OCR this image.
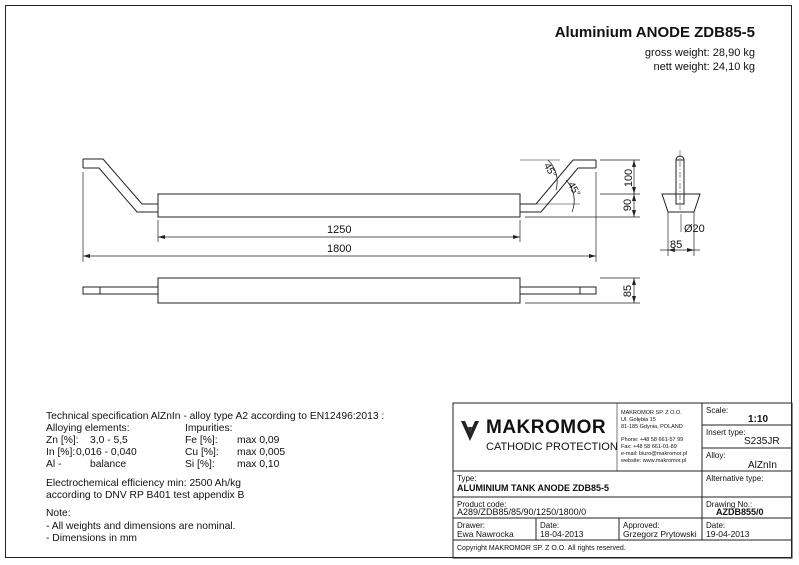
Aluminium ANODE ZDB85-5
gross weight: 28,90 kg
nett weight: 24,10 kg
1250
1800
100
90
85
85
Ø20
45°
45°
Technical specification AlZnIn - alloy type A2 according to EN12496:2013 :
Alloying elements:	Impurities:
Zn [%]: 3,0 - 5,5	Fe [%]: max 0,09
In [%]: 0,016 - 0,040	Cu [%]: max 0,005
Al -	balance	Si [%]: max 0,10
Electrochemical efficiency min: 2500 Ah/kg
according to DNV RP B401 test appendix B
Note:
- All weights and dimensions are nominal.
- Dimensions in mm
MAKROMOR
CATHODIC PROTECTION
MAKROMOR SP. Z O.O.
Ul. Gołębia 15
81-185 Gdynia, POLAND
Phone: +48 58 661-57 99
Fax: +48 58 661-01-89
e-mail: biuro@makromor.pl
website: www.makromor.pl
Scale:
1:10
Insert type:
S235JR
Alloy:
AlZnIn
Alternative type:
Type:
ALUMINIUM TANK ANODE ZDB85-5
Product code:
A289/ZDB85/85/90/1250/1800/0
Drawing No.:
AZDB855/0
Drawer:
Ewa Nawrocka
Date:
18-04-2013
Approved:
Grzegorz Prytowski
Date:
19-04-2013
Copyright MAKROMOR SP. Z O.O. All rights reserved.
